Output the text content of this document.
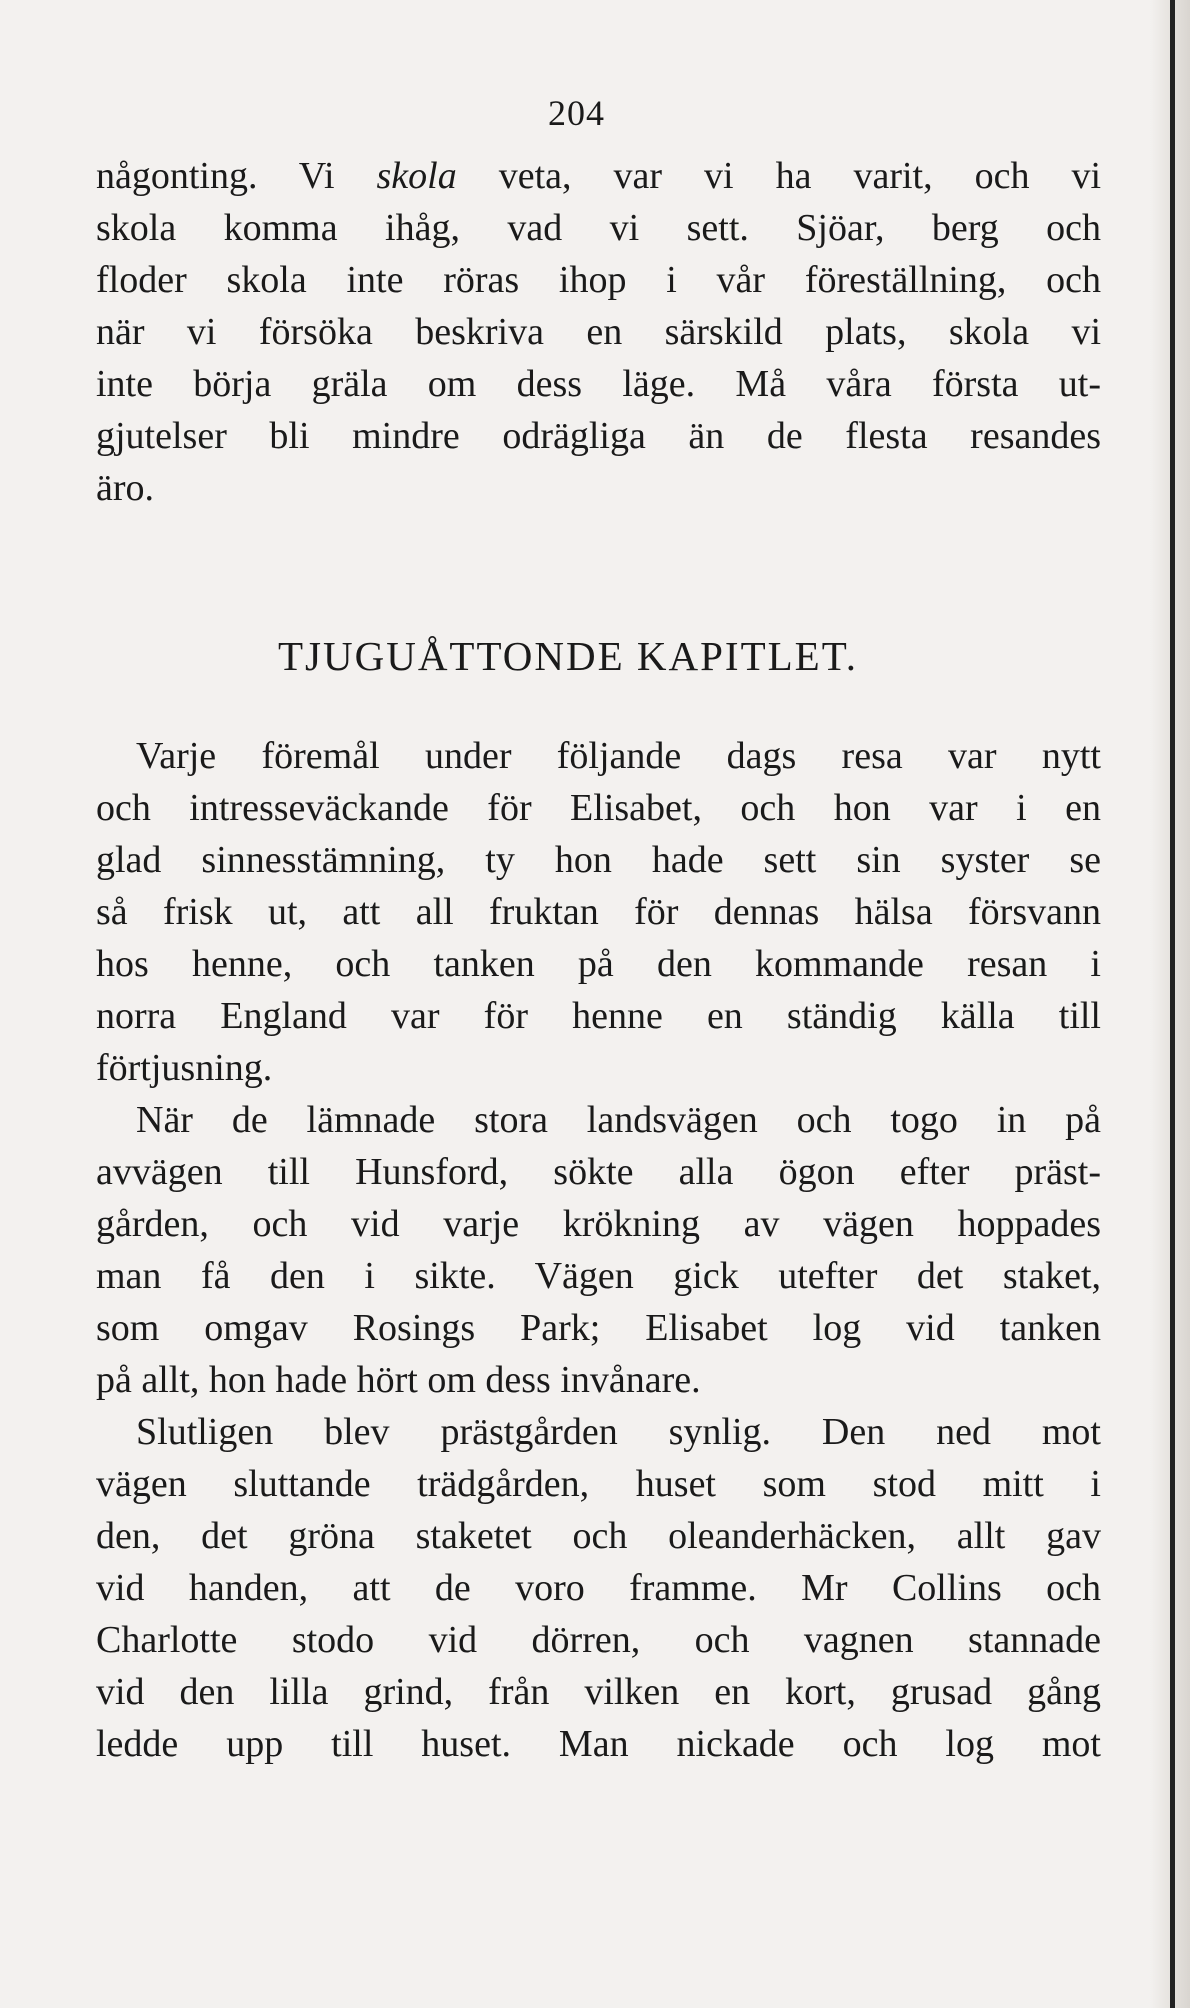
204
någonting. Vi skola veta, var vi ha varit, och vi
skola komma ihåg, vad vi sett. Sjöar, berg och
floder skola inte röras ihop i vår föreställning, och
när vi försöka beskriva en särskild plats, skola vi
inte börja gräla om dess läge. Må våra första ut-
gjutelser bli mindre odrägliga än de flesta resandes
äro.
Varje föremål under följande dags resa var nytt
och intresseväckande för Elisabet, och hon var i en
glad sinnesstämning, ty hon hade sett sin syster se
så frisk ut, att all fruktan för dennas hälsa försvann
hos henne, och tanken på den kommande resan i
norra England var för henne en ständig källa till
förtjusning.
När de lämnade stora landsvägen och togo in på
avvägen till Hunsford, sökte alla ögon efter präst-
gården, och vid varje krökning av vägen hoppades
man få den i sikte. Vägen gick utefter det staket,
som omgav Rosings Park; Elisabet log vid tanken
på allt, hon hade hört om dess invånare.
Slutligen blev prästgården synlig. Den ned mot
vägen sluttande trädgården, huset som stod mitt i
den, det gröna staketet och oleanderhäcken, allt gav
vid handen, att de voro framme. Mr Collins och
Charlotte stodo vid dörren, och vagnen stannade
vid den lilla grind, från vilken en kort, grusad gång
ledde upp till huset. Man nickade och log mot
TJUGUÅTTONDE KAPITLET.
